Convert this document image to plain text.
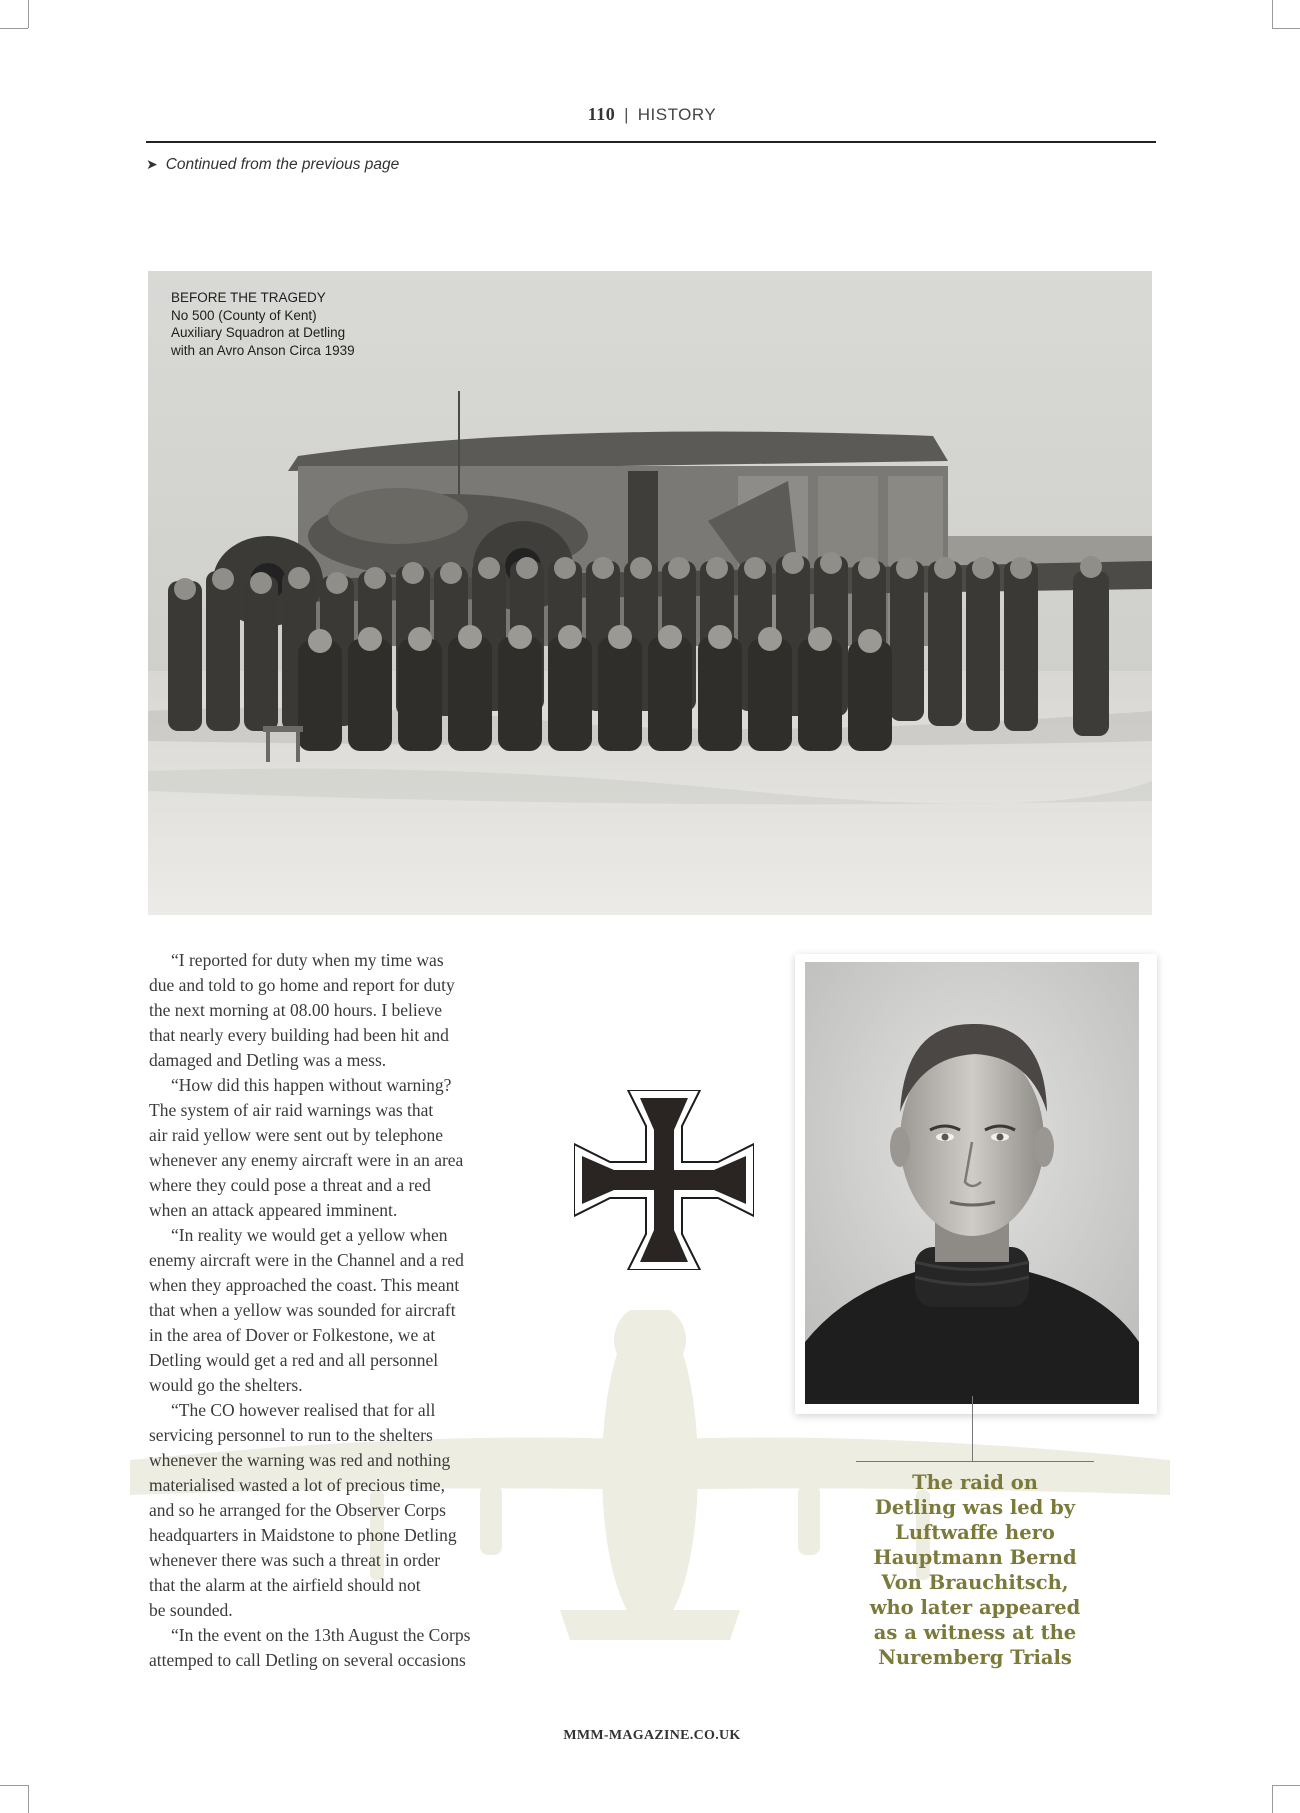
110 | HISTORY
➤ Continued from the previous page
BEFORE THE TRAGEDY
No 500 (County of Kent)
Auxiliary Squadron at Detling
with an Avro Anson Circa 1939
“I reported for duty when my time was
due and told to go home and report for duty
the next morning at 08.00 hours. I believe
that nearly every building had been hit and
damaged and Detling was a mess.
“How did this happen without warning?
The system of air raid warnings was that
air raid yellow were sent out by telephone
whenever any enemy aircraft were in an area
where they could pose a threat and a red
when an attack appeared imminent.
“In reality we would get a yellow when
enemy aircraft were in the Channel and a red
when they approached the coast. This meant
that when a yellow was sounded for aircraft
in the area of Dover or Folkestone, we at
Detling would get a red and all personnel
would go the shelters.
“The CO however realised that for all
servicing personnel to run to the shelters
whenever the warning was red and nothing
materialised wasted a lot of precious time,
and so he arranged for the Observer Corps
headquarters in Maidstone to phone Detling
whenever there was such a threat in order
that the alarm at the airfield should not
be sounded.
“In the event on the 13th August the Corps
attemped to call Detling on several occasions
The raid on
Detling was led by
Luftwaffe hero
Hauptmann Bernd
Von Brauchitsch,
who later appeared
as a witness at the
Nuremberg Trials
MMM-MAGAZINE.CO.UK
